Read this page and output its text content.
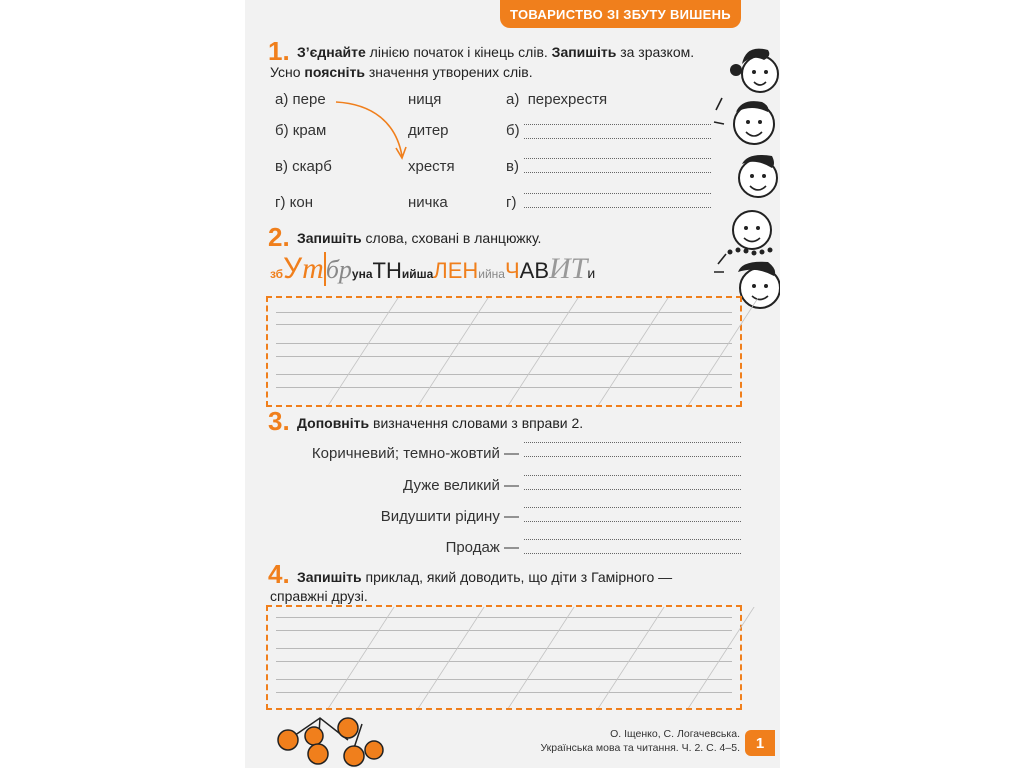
ТОВАРИСТВО ЗІ ЗБУТУ ВИШЕНЬ
1. З’єднайте лінією початок і кінець слів. Запишіть за зразком.
Усно поясніть значення утворених слів.
а) пере	ниця	а) перехрестя
б) крам	дитер	б)
в) скарб	хрестя	в)
г) кон	ничка	г)
2. Запишіть слова, сховані в ланцюжку.
збУтбрунаТНийшаЛЕНийнаЧАВИТи
3. Доповніть визначення словами з вправи 2.
Коричневий; темно-жовтий —
Дуже великий —
Видушити рідину —
Продаж —
4. Запишіть приклад, який доводить, що діти з Гамірного —
справжні друзі.
О. Іщенко, С. Логачевська.
Українська мова та читання. Ч. 2. С. 4–5. 1
